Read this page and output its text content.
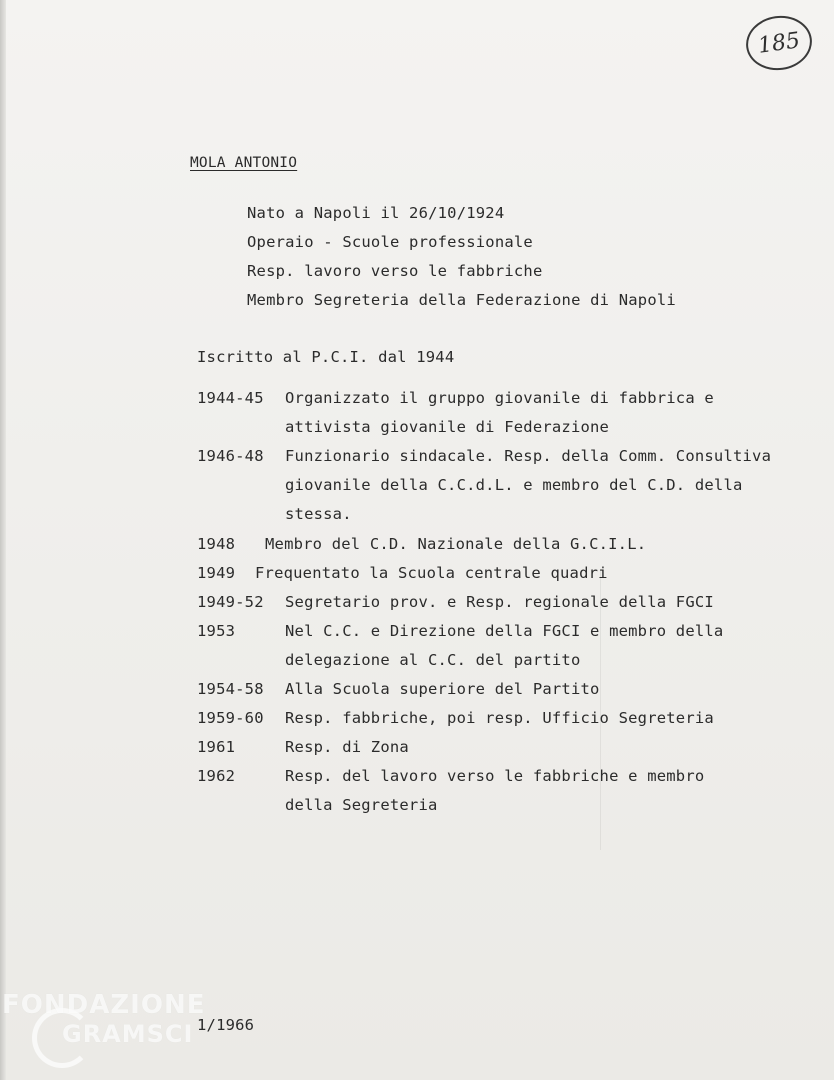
185
MOLA ANTONIO
Nato a Napoli il 26/10/1924
Operaio - Scuole professionale
Resp. lavoro verso le fabbriche
Membro Segreteria della Federazione di Napoli
Iscritto al P.C.I. dal 1944
1944-45 Organizzato il gruppo giovanile di fabbrica e
attivista giovanile di Federazione
1946-48 Funzionario sindacale. Resp. della Comm. Consultiva
giovanile della C.C.d.L. e membro del C.D. della
stessa.
1948 Membro del C.D. Nazionale della G.C.I.L.
1949 Frequentato la Scuola centrale quadri
1949-52 Segretario prov. e Resp. regionale della FGCI
1953	Nel C.C. e Direzione della FGCI e membro della
delegazione al C.C. del partito
1954-58 Alla Scuola superiore del Partito
1959-60 Resp. fabbriche, poi resp. Ufficio Segreteria
1961	Resp. di Zona
1962	Resp. del lavoro verso le fabbriche e membro
della Segreteria
1/1966
FONDAZIONE
GRAMSCI
